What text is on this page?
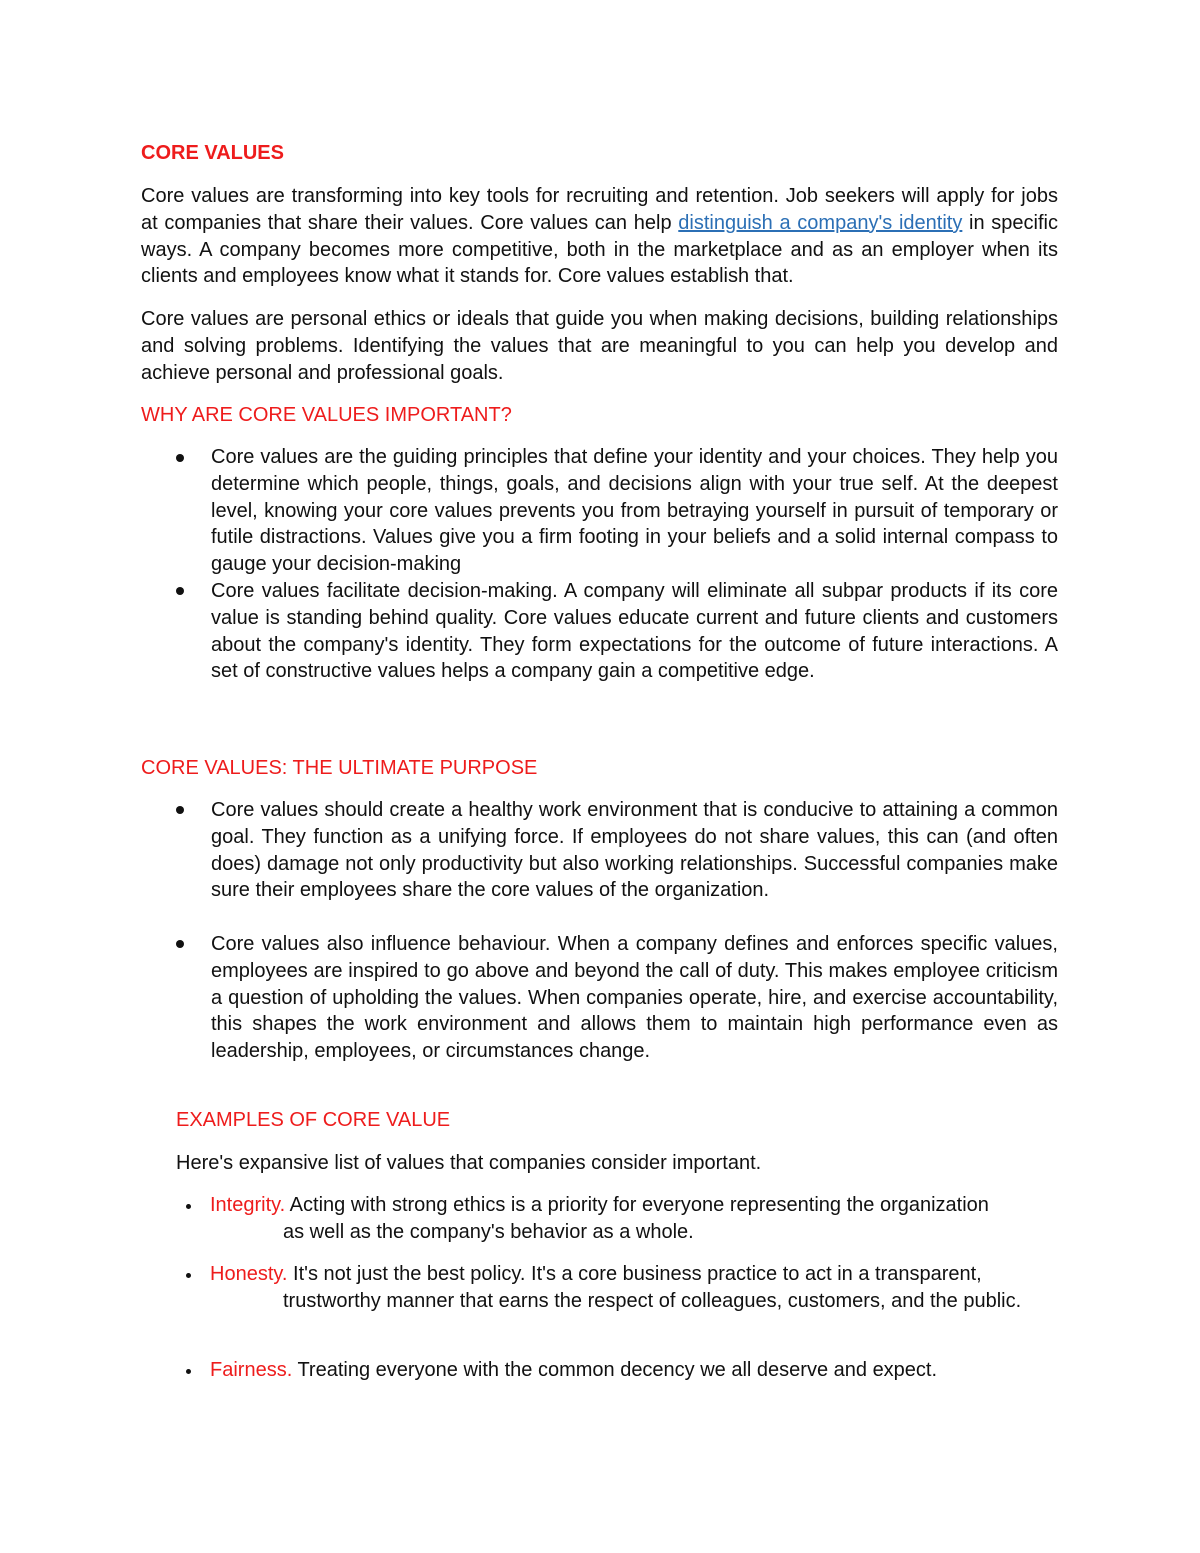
CORE VALUES
Core values are transforming into key tools for recruiting and retention. Job seekers will apply for jobs at companies that share their values. Core values can help distinguish a company's identity in specific ways. A company becomes more competitive, both in the marketplace and as an employer when its clients and employees know what it stands for. Core values establish that.
Core values are personal ethics or ideals that guide you when making decisions, building relationships and solving problems. Identifying the values that are meaningful to you can help you develop and achieve personal and professional goals.
WHY ARE CORE VALUES IMPORTANT?
Core values are the guiding principles that define your identity and your choices. They help you determine which people, things, goals, and decisions align with your true self. At the deepest level, knowing your core values prevents you from betraying yourself in pursuit of temporary or futile distractions. Values give you a firm footing in your beliefs and a solid internal compass to gauge your decision-making
Core values facilitate decision-making. A company will eliminate all subpar products if its core value is standing behind quality. Core values educate current and future clients and customers about the company's identity. They form expectations for the outcome of future interactions. A set of constructive values helps a company gain a competitive edge.
CORE VALUES: THE ULTIMATE PURPOSE
Core values should create a healthy work environment that is conducive to attaining a common goal. They function as a unifying force. If employees do not share values, this can (and often does) damage not only productivity but also working relationships. Successful companies make sure their employees share the core values of the organization.
Core values also influence behaviour. When a company defines and enforces specific values, employees are inspired to go above and beyond the call of duty. This makes employee criticism a question of upholding the values. When companies operate, hire, and exercise accountability, this shapes the work environment and allows them to maintain high performance even as leadership, employees, or circumstances change.
EXAMPLES OF CORE VALUE
Here's expansive list of values that companies consider important.
Integrity. Acting with strong ethics is a priority for everyone representing the organization
as well as the company's behavior as a whole.
Honesty. It's not just the best policy. It's a core business practice to act in a transparent,
trustworthy manner that earns the respect of colleagues, customers, and the public.
Fairness. Treating everyone with the common decency we all deserve and expect.
